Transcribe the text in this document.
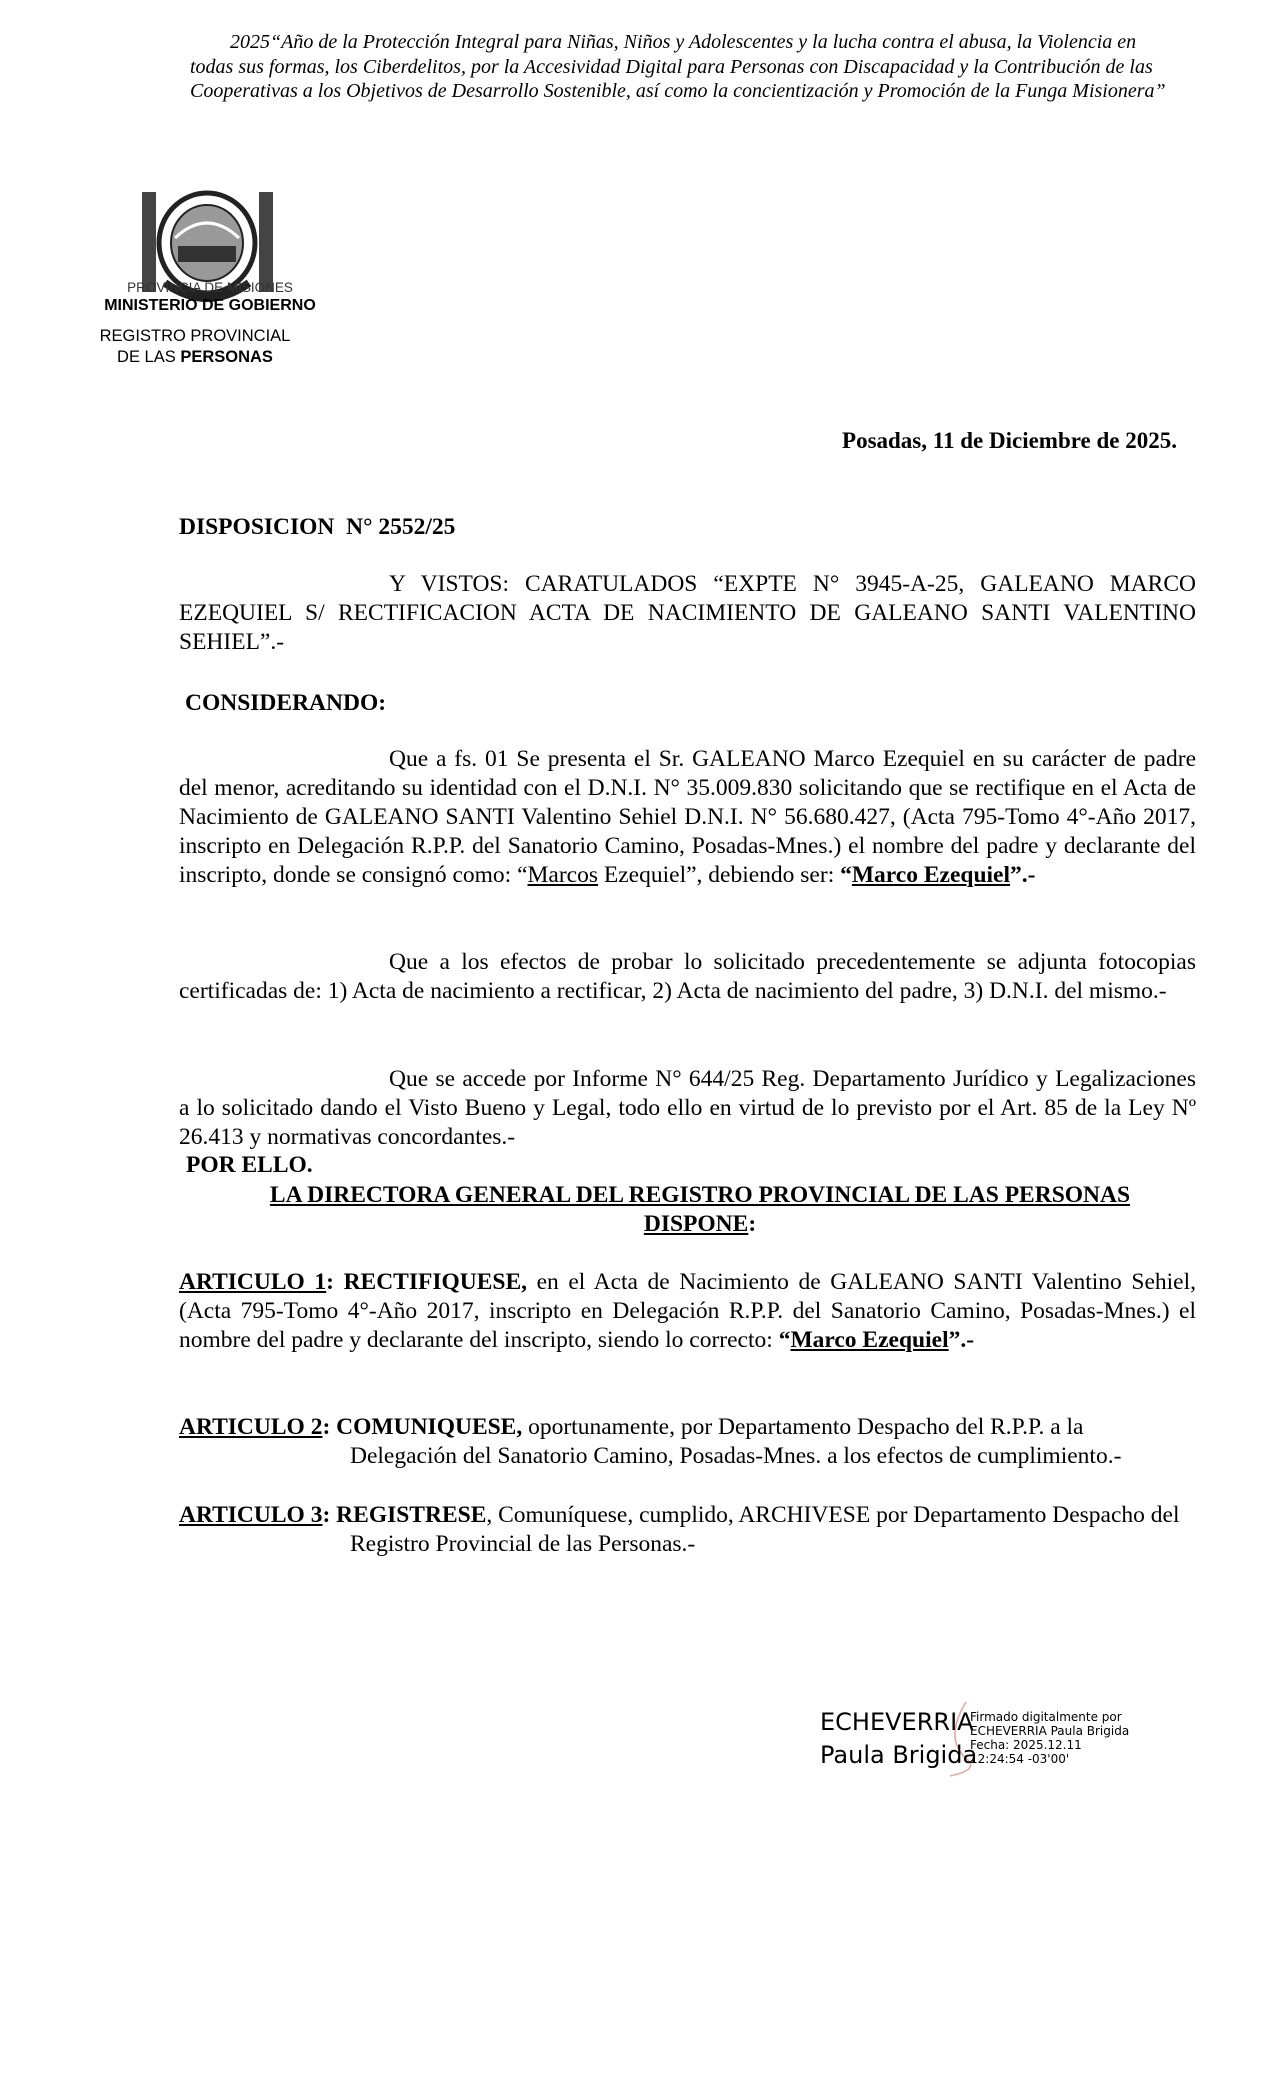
2025“Año de la Protección Integral para Niñas, Niños y Adolescentes y la lucha contra el abusa, la Violencia en todas sus formas, los Ciberdelitos, por la Accesividad Digital para Personas con Discapacidad y la Contribución de las Cooperativas a los Objetivos de Desarrollo Sostenible, así como la concientización y Promoción de la Funga Misionera”

PROVINCIA DE MISIONES
MINISTERIO DE GOBIERNO
REGISTRO PROVINCIAL
DE LAS PERSONAS
Posadas, 11 de Diciembre de 2025.
DISPOSICION  N° 2552/25

Y VISTOS: CARATULADOS “EXPTE N° 3945-A-25, GALEANO MARCO EZEQUIEL S/ RECTIFICACION ACTA DE NACIMIENTO DE GALEANO SANTI VALENTINO SEHIEL”.-

CONSIDERANDO:

Que a fs. 01 Se presenta el Sr. GALEANO Marco Ezequiel en su carácter de padre del menor, acreditando su identidad con el D.N.I. N° 35.009.830 solicitando que se rectifique en el Acta de Nacimiento de GALEANO SANTI Valentino Sehiel D.N.I. N° 56.680.427, (Acta 795-Tomo 4°-Año 2017, inscripto en Delegación R.P.P. del Sanatorio Camino, Posadas-Mnes.) el nombre del padre y declarante del inscripto, donde se consignó como: “Marcos Ezequiel”, debiendo ser: “Marco Ezequiel”.-

Que a los efectos de probar lo solicitado precedentemente se adjunta fotocopias certificadas de: 1) Acta de nacimiento a rectificar, 2) Acta de nacimiento del padre, 3) D.N.I. del mismo.-

Que se accede por Informe N° 644/25 Reg. Departamento Jurídico y Legalizaciones a lo solicitado dando el Visto Bueno y Legal, todo ello en virtud de lo previsto por el Art. 85 de la Ley Nº 26.413 y normativas concordantes.-

POR ELLO.
LA DIRECTORA GENERAL DEL REGISTRO PROVINCIAL DE LAS PERSONAS
DISPONE:

ARTICULO 1: RECTIFIQUESE, en el Acta de Nacimiento de GALEANO SANTI Valentino Sehiel, (Acta 795-Tomo 4°-Año 2017, inscripto en Delegación R.P.P. del Sanatorio Camino, Posadas-Mnes.) el nombre del padre y declarante del inscripto, siendo lo correcto: “Marco Ezequiel”.-

ARTICULO 2: COMUNIQUESE, oportunamente, por Departamento Despacho del R.P.P. a la Delegación del Sanatorio Camino, Posadas-Mnes. a los efectos de cumplimiento.-

ARTICULO 3: REGISTRESE, Comuníquese, cumplido, ARCHIVESE por Departamento Despacho del Registro Provincial de las Personas.-

ECHEVERRIA
Paula Brigida
Firmado digitalmente por
ECHEVERRIA Paula Brigida
Fecha: 2025.12.11
12:24:54 -03'00'
